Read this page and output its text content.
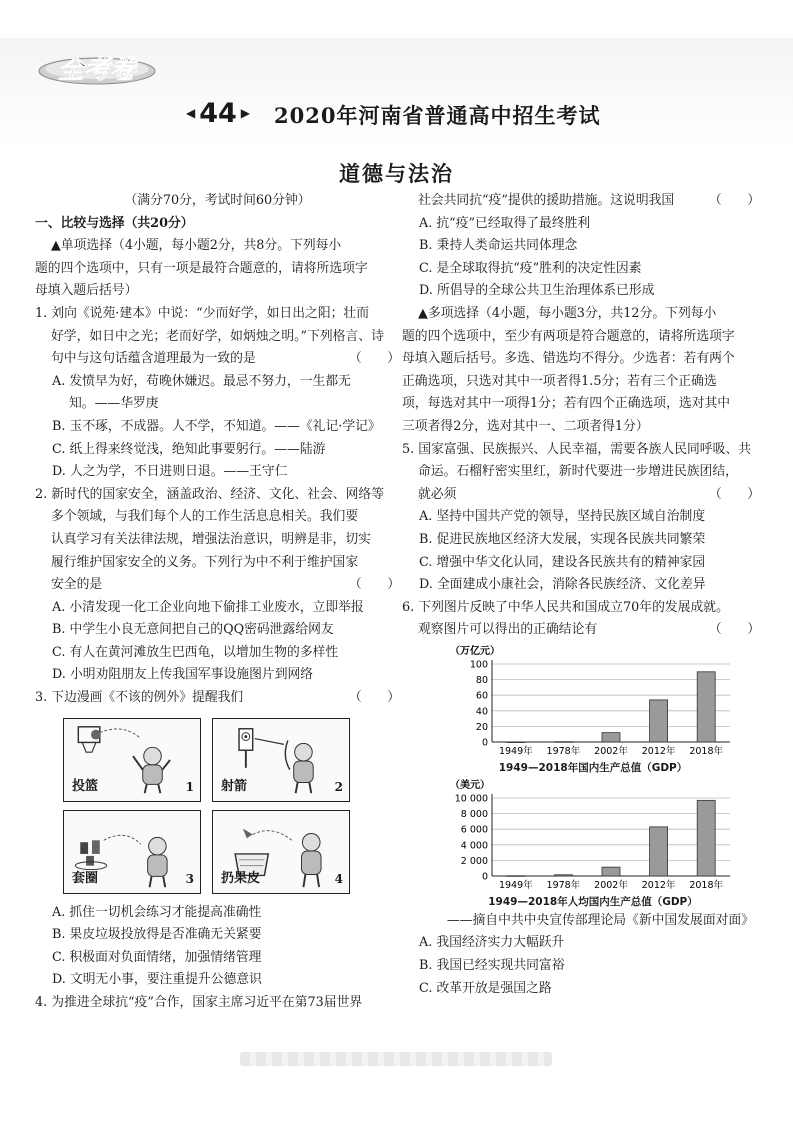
全考卷
◀ 44 ▶ 2020年河南省普通高中招生考试
道德与法治

（满分70分，考试时间60分钟）

一、比较与选择（共20分）

▲单项选择（4小题，每小题2分，共8分。下列每小

题的四个选项中，只有一项是最符合题意的，请将所选项字

母填入题后括号）

1. 刘向《说苑·建本》中说：“少而好学，如日出之阳；壮而

好学，如日中之光；老而好学，如炳烛之明。”下列格言、诗

句中与这句话蕴含道理最为一致的是	（　　）

A. 发愤早为好，苟晚休嫌迟。最忌不努力，一生都无

知。——华罗庚

B. 玉不琢，不成器。人不学，不知道。——《礼记·学记》

C. 纸上得来终觉浅，绝知此事要躬行。——陆游

D. 人之为学，不日进则日退。——王守仁

2. 新时代的国家安全，涵盖政治、经济、文化、社会、网络等

多个领域，与我们每个人的工作生活息息相关。我们要

认真学习有关法律法规，增强法治意识，明辨是非，切实

履行维护国家安全的义务。下列行为中不利于维护国家

安全的是	（　　）

A. 小清发现一化工企业向地下偷排工业废水，立即举报

B. 中学生小良无意间把自己的QQ密码泄露给网友

C. 有人在黄河滩放生巴西龟，以增加生物的多样性

D. 小明劝阻朋友上传我国军事设施图片到网络

3. 下边漫画《不该的例外》提醒我们	（　　）

投篮	1 射箭	2
套圈	3 扔果皮	4

A. 抓住一切机会练习才能提高准确性

B. 果皮垃圾投放得是否准确无关紧要

C. 积极面对负面情绪，加强情绪管理

D. 文明无小事，要注重提升公德意识

4. 为推进全球抗“疫”合作，国家主席习近平在第73届世界

社会共同抗“疫”提供的援助措施。这说明我国	（　　）

A. 抗“疫”已经取得了最终胜利

B. 秉持人类命运共同体理念

C. 是全球取得抗“疫”胜利的决定性因素

D. 所倡导的全球公共卫生治理体系已形成

▲多项选择（4小题，每小题3分，共12分。下列每小

题的四个选项中，至少有两项是符合题意的，请将所选项字

母填入题后括号。多选、错选均不得分。少选者：若有两个

正确选项，只选对其中一项者得1.5分；若有三个正确选

项，每选对其中一项得1分；若有四个正确选项，选对其中

三项者得2分，选对其中一、二项者得1分）

5. 国家富强、民族振兴、人民幸福，需要各族人民同呼吸、共

命运。石榴籽密实里红，新时代要进一步增进民族团结，

就必须	（　　）

A. 坚持中国共产党的领导，坚持民族区域自治制度

B. 促进民族地区经济大发展，实现各民族共同繁荣

C. 增强中华文化认同，建设各民族共有的精神家园

D. 全面建成小康社会，消除各民族经济、文化差异

6. 下列图片反映了中华人民共和国成立70年的发展成就。

观察图片可以得出的正确结论有	（　　）

（万亿元）
0
20
40
60
80
100
1949年 1978年 2002年 2012年 2018年
1949—2018年国内生产总值（GDP）
（美元）
0
2 000
4 000
6 000
8 000
10 000
1949年 1978年 2002年 2012年 2018年
1949—2018年人均国内生产总值（GDP）

——摘自中共中央宣传部理论局《新中国发展面对面》

A. 我国经济实力大幅跃升

B. 我国已经实现共同富裕

C. 改革开放是强国之路
